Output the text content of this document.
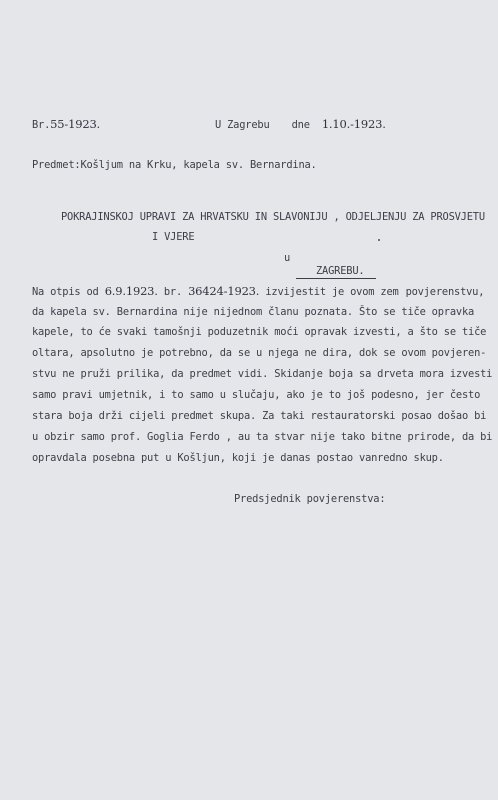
Br.55-1923.	U Zagrebu dne 1.10.-1923.
Predmet:Košljum na Krku, kapela sv. Bernardina.
POKRAJINSKOJ UPRAVI ZA HRVATSKU IN SLAVONIJU , ODJELJENJU ZA PROSVJETU
I VJERE
u
ZAGREBU.
Na otpis od 6.9.1923. br. 36424-1923. izvijestit je ovom zem povjerenstvu,
da kapela sv. Bernardina nije nijednom članu poznata. Što se tiče opravka
kapele, to će svaki tamošnji poduzetnik moći opravak izvesti, a što se tiče
oltara, apsolutno je potrebno, da se u njega ne dira, dok se ovom povjeren-
stvu ne pruži prilika, da predmet vidi. Skidanje boja sa drveta mora izvesti
samo pravi umjetnik, i to samo u slučaju, ako je to još podesno, jer često
stara boja drži cijeli predmet skupa. Za taki restauratorski posao došao bi
u obzir samo prof. Goglia Ferdo , au ta stvar nije tako bitne prirode, da bi
opravdala posebna put u Košljun, koji je danas postao vanredno skup.
Predsjednik povjerenstva:
